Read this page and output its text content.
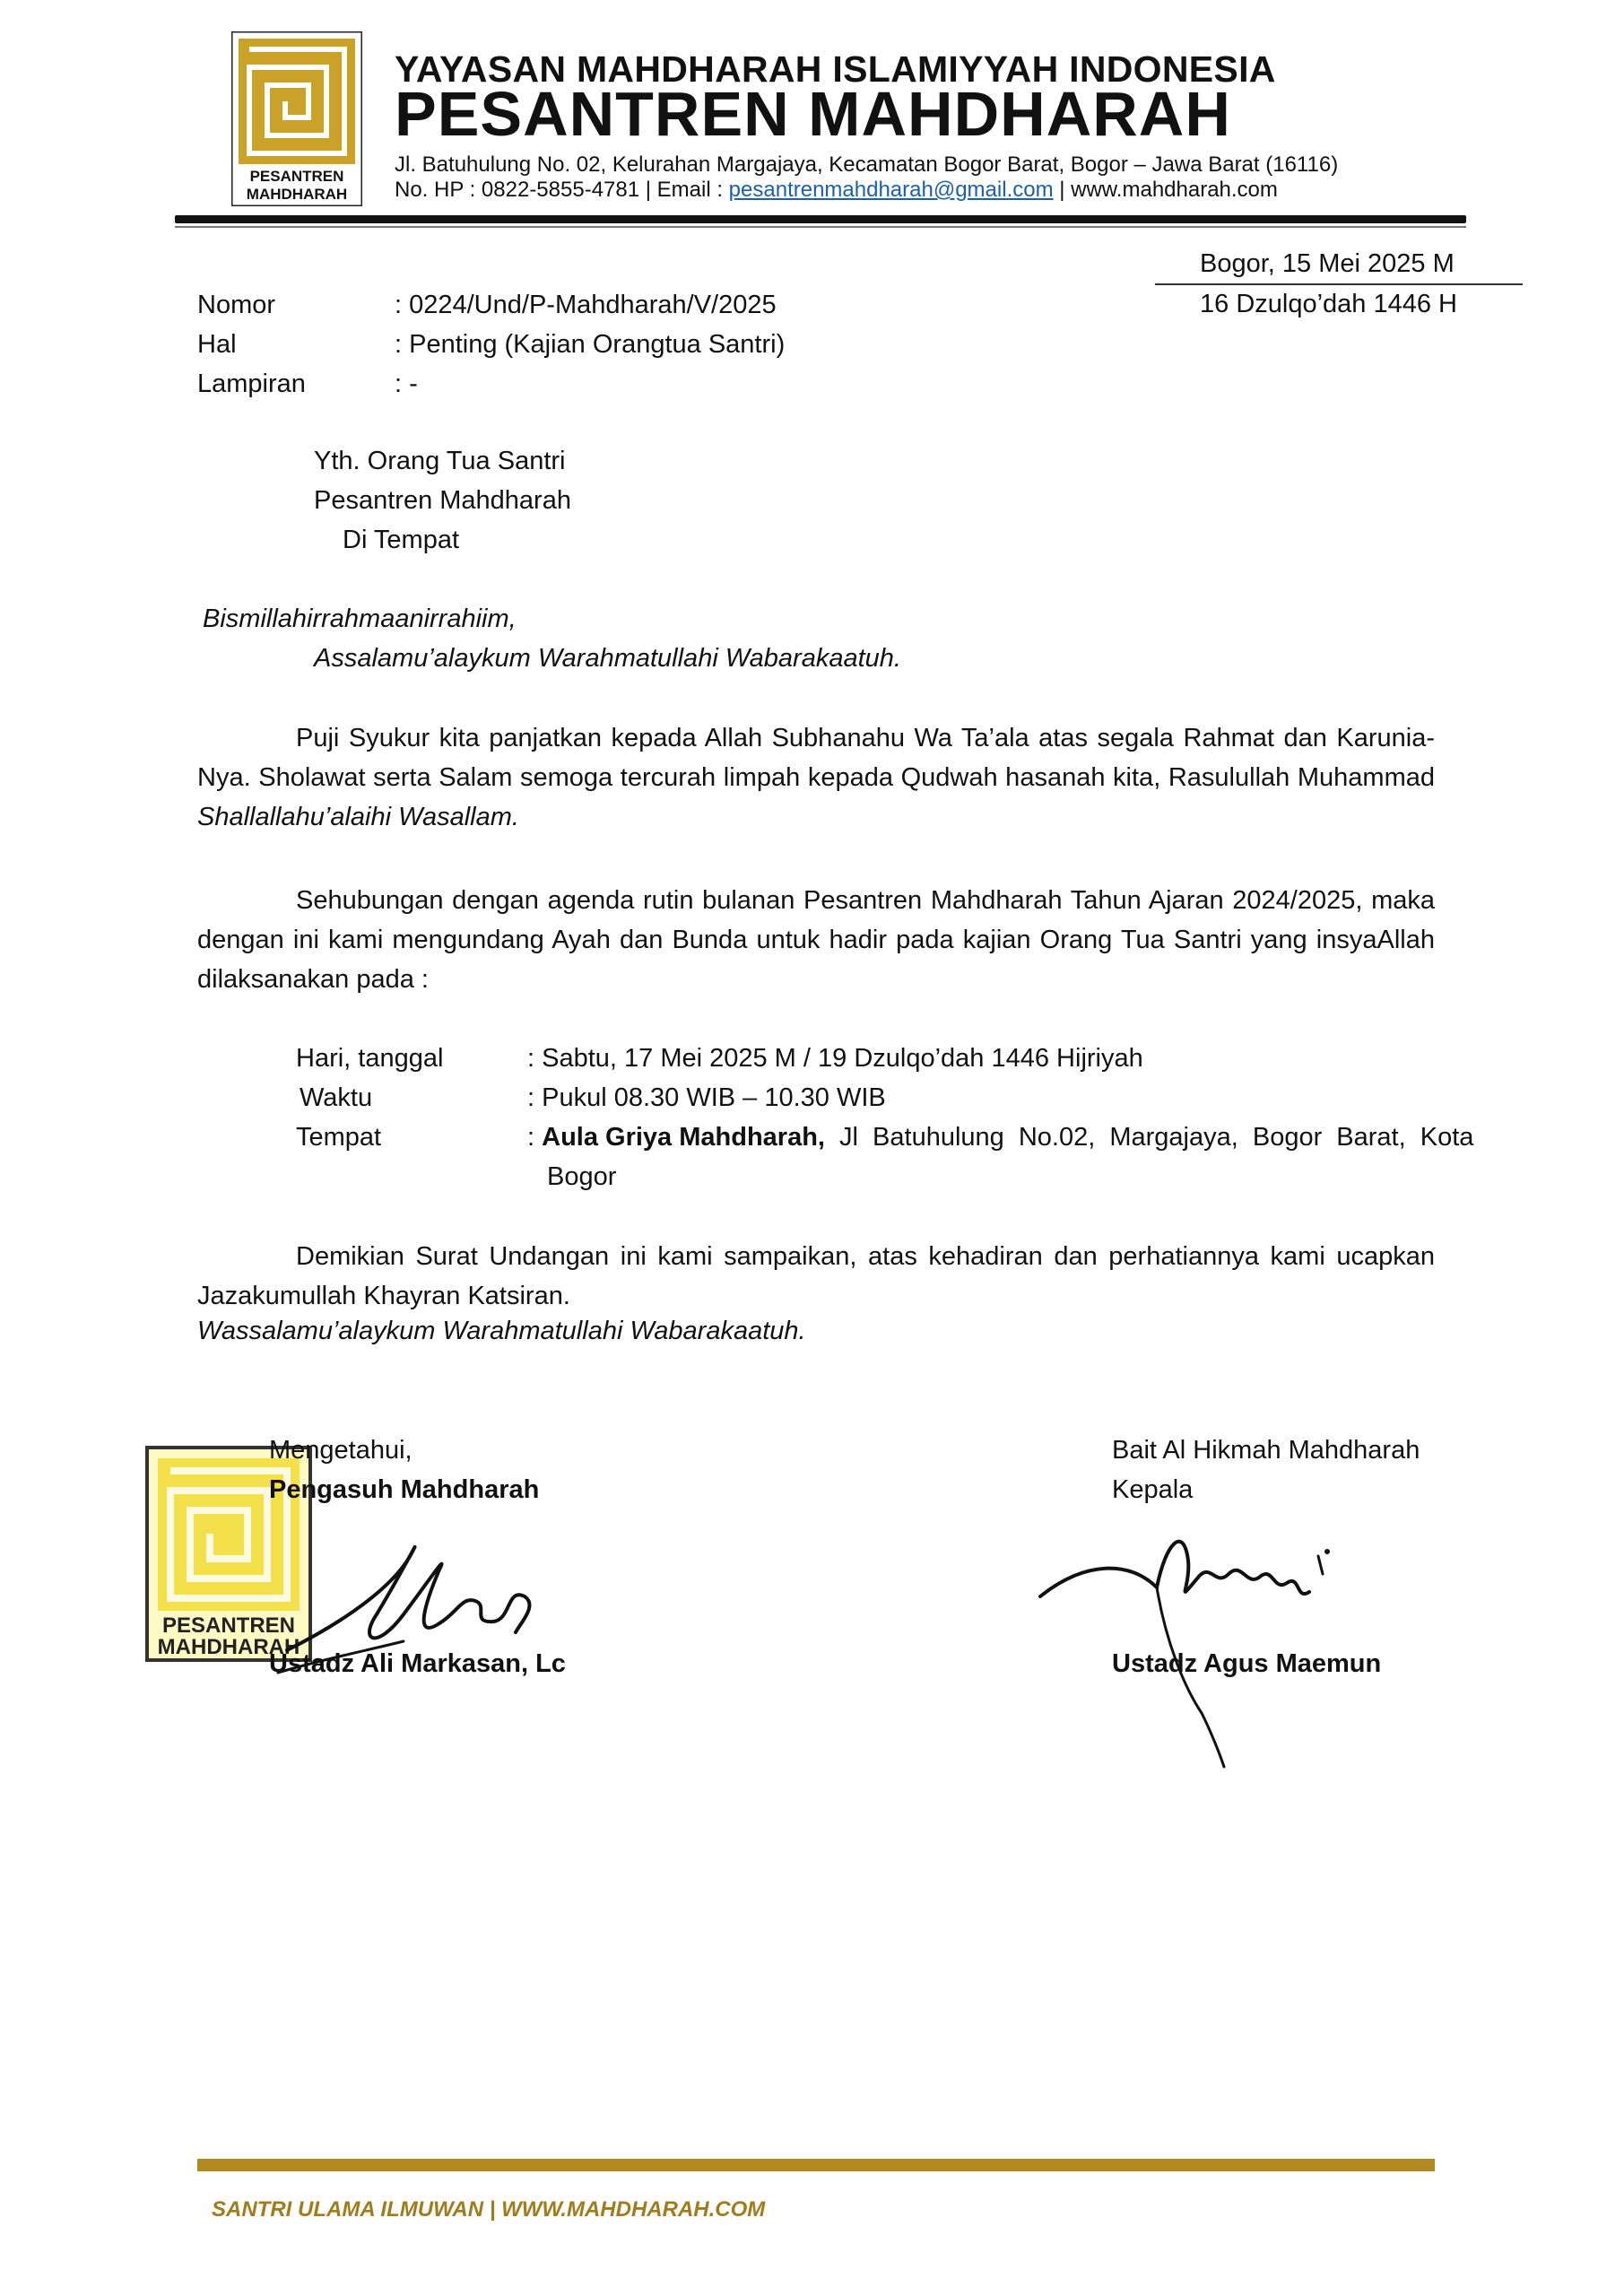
PESANTREN
MAHDHARAH
YAYASAN MAHDHARAH ISLAMIYYAH INDONESIA
PESANTREN MAHDHARAH
Jl. Batuhulung No. 02, Kelurahan Margajaya, Kecamatan Bogor Barat, Bogor – Jawa Barat (16116)
No. HP : 0822-5855-4781 | Email : pesantrenmahdharah@gmail.com | www.mahdharah.com
Bogor, 15 Mei 2025 M
16 Dzulqo’dah 1446 H
Nomor	: 0224/Und/P-Mahdharah/V/2025
Hal	: Penting (Kajian Orangtua Santri)
Lampiran	: -
Yth. Orang Tua Santri
Pesantren Mahdharah
Di Tempat
Bismillahirrahmaanirrahiim,
Assalamu’alaykum Warahmatullahi Wabarakaatuh.
Puji Syukur kita panjatkan kepada Allah Subhanahu Wa Ta’ala atas segala Rahmat dan Karunia-Nya. Sholawat serta Salam semoga tercurah limpah kepada Qudwah hasanah kita, Rasulullah Muhammad Shallallahu’alaihi Wasallam.
Sehubungan dengan agenda rutin bulanan Pesantren Mahdharah Tahun Ajaran 2024/2025, maka dengan ini kami mengundang Ayah dan Bunda untuk hadir pada kajian Orang Tua Santri yang insyaAllah dilaksanakan pada :
Hari, tanggal	: Sabtu, 17 Mei 2025 M / 19 Dzulqo’dah 1446 Hijriyah
Waktu	: Pukul 08.30 WIB – 10.30 WIB
Tempat	: Aula Griya Mahdharah, Jl Batuhulung No.02, Margajaya, Bogor Barat, Kota
Bogor
Demikian Surat Undangan ini kami sampaikan, atas kehadiran dan perhatiannya kami ucapkan Jazakumullah Khayran Katsiran.
Wassalamu’alaykum Warahmatullahi Wabarakaatuh.
PESANTREN
MAHDHARAH
Mengetahui,
Pengasuh Mahdharah
Ustadz Ali Markasan, Lc
Bait Al Hikmah Mahdharah
Kepala
Ustadz Agus Maemun
SANTRI ULAMA ILMUWAN | WWW.MAHDHARAH.COM
